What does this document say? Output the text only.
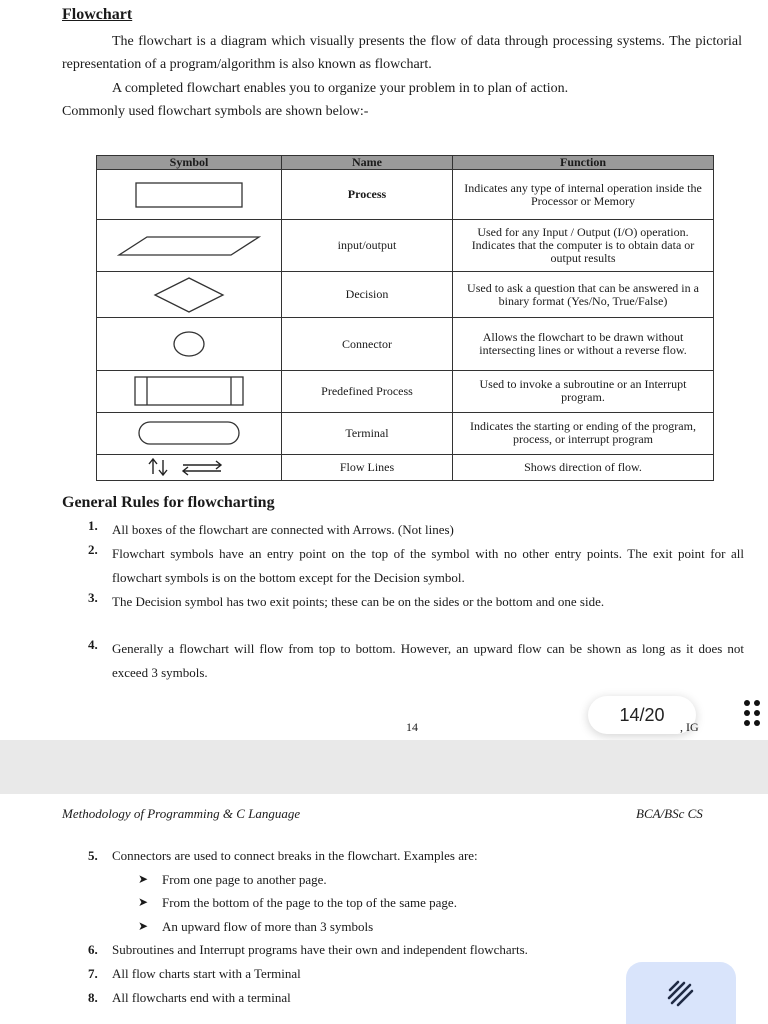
Flowchart
The flowchart is a diagram which visually presents the flow of data through processing systems. The pictorial representation of a program/algorithm is also known as flowchart.
A completed flowchart enables you to organize your problem in to plan of action.
Commonly used flowchart symbols are shown below:-
Symbol	Name	Function

	Process	Indicates any type of internal operation inside the Processor or Memory

	input/output	Used for any Input / Output (I/O) operation. Indicates that the computer is to obtain data or output results

	Decision	Used to ask a question that can be answered in a binary format (Yes/No, True/False)

	Connector	Allows the flowchart to be drawn without intersecting lines or without a reverse flow.

	Predefined Process	Used to invoke a subroutine or an Interrupt program.

	Terminal	Indicates the starting or ending of the program, process, or interrupt program

	Flow Lines	Shows direction of flow.
General Rules for flowcharting
1. All boxes of the flowchart are connected with Arrows. (Not lines)
2. Flowchart symbols have an entry point on the top of the symbol with no other entry points. The exit point for all flowchart symbols is on the bottom except for the Decision symbol.
3. The Decision symbol has two exit points; these can be on the sides or the bottom and one side.
4. Generally a flowchart will flow from top to bottom. However, an upward flow can be shown as long as it does not exceed 3 symbols.
14
14/20
, IG
Methodology of Programming & C Language	BCA/BSc CS
5. Connectors are used to connect breaks in the flowchart. Examples are:
➤ From one page to another page.
➤ From the bottom of the page to the top of the same page.
➤ An upward flow of more than 3 symbols
6. Subroutines and Interrupt programs have their own and independent flowcharts.
7. All flow charts start with a Terminal
8. All flowcharts end with a terminal
